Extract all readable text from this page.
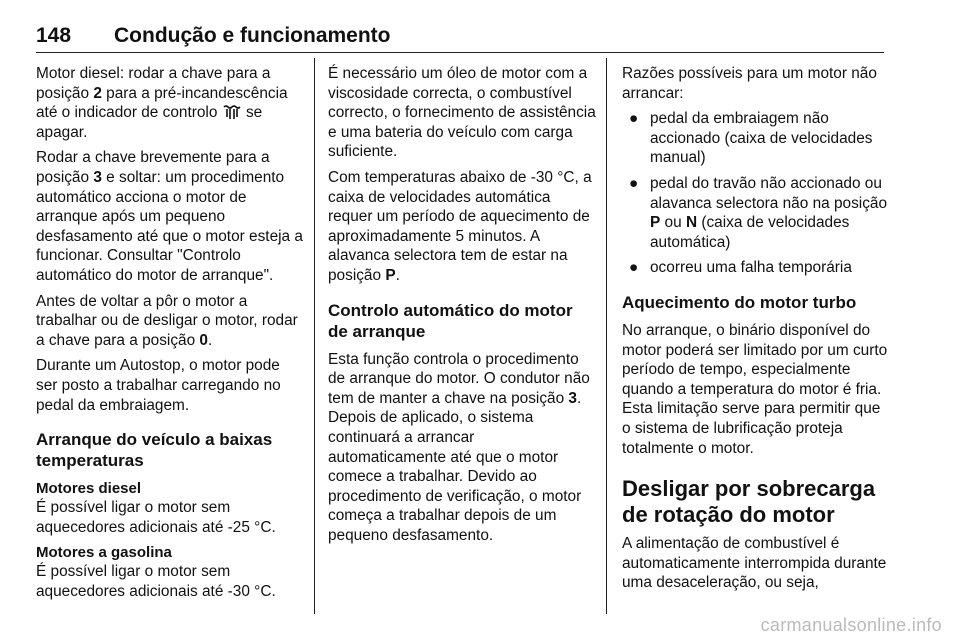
148 Condução e funcionamento

Motor diesel: rodar a chave para a posição 2 para a pré-incandescência até o indicador de controlo  se apagar.

Rodar a chave brevemente para a posição 3 e soltar: um procedimento automático acciona o motor de arranque após um pequeno desfasamento até que o motor esteja a funcionar. Consultar "Controlo automático do motor de arranque".

Antes de voltar a pôr o motor a trabalhar ou de desligar o motor, rodar a chave para a posição 0.

Durante um Autostop, o motor pode ser posto a trabalhar carregando no pedal da embraiagem.

Arranque do veículo a baixas temperaturas
Motores diesel

É possível ligar o motor sem aquecedores adicionais até -25 °C.

Motores a gasolina

É possível ligar o motor sem aquecedores adicionais até -30 °C.

É necessário um óleo de motor com a viscosidade correcta, o combustível correcto, o fornecimento de assistência e uma bateria do veículo com carga suficiente.

Com temperaturas abaixo de -30 °C, a caixa de velocidades automática requer um período de aquecimento de aproximadamente 5 minutos. A alavanca selectora tem de estar na posição P.

Controlo automático do motor de arranque

Esta função controla o procedimento de arranque do motor. O condutor não tem de manter a chave na posição 3. Depois de aplicado, o sistema continuará a arrancar automaticamente até que o motor comece a trabalhar. Devido ao procedimento de verificação, o motor começa a trabalhar depois de um pequeno desfasamento.

Razões possíveis para um motor não arrancar:

● pedal da embraiagem não accionado (caixa de velocidades manual)
● pedal do travão não accionado ou alavanca selectora não na posição P ou N (caixa de velocidades automática)
● ocorreu uma falha temporária
Aquecimento do motor turbo

No arranque, o binário disponível do motor poderá ser limitado por um curto período de tempo, especialmente quando a temperatura do motor é fria. Esta limitação serve para permitir que o sistema de lubrificação proteja totalmente o motor.

Desligar por sobrecarga de rotação do motor

A alimentação de combustível é automaticamente interrompida durante uma desaceleração, ou seja,

carmanualsonline.info
